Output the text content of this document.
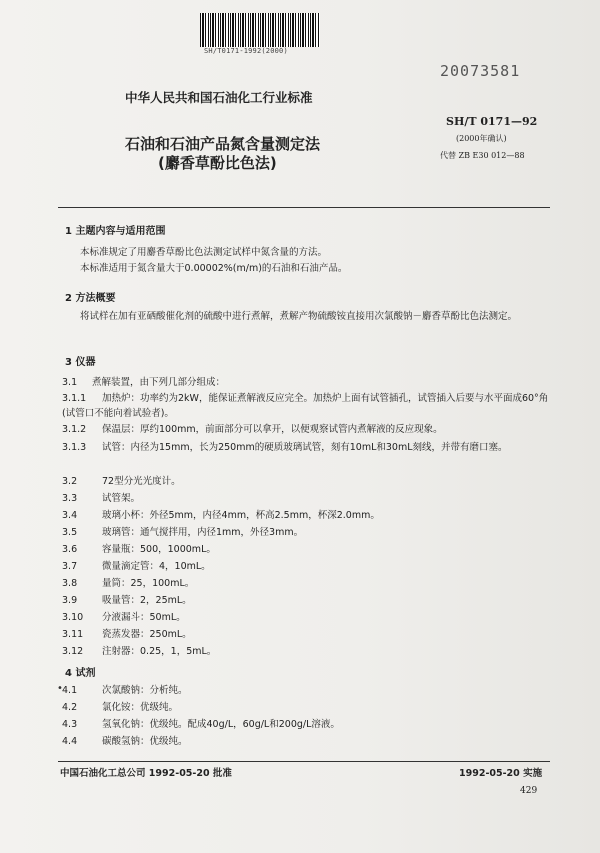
SH/T0171-1992(2000)
20073581
中华人民共和国石油化工行业标准
SH/T 0171—92
(2000年确认)
代替 ZB E30 012—88
石油和石油产品氮含量测定法
(麝香草酚比色法)
1 主题内容与适用范围
本标准规定了用麝香草酚比色法测定试样中氮含量的方法。
本标准适用于氮含量大于0.00002%(m/m)的石油和石油产品。
2 方法概要
将试样在加有亚硒酸催化剂的硫酸中进行煮解，煮解产物硫酸铵直接用次氯酸钠－麝香草酚比色法测定。
3 仪器
3.1 煮解装置，由下列几部分组成：
3.1.1 加热炉：功率约为2kW，能保证煮解液反应完全。加热炉上面有试管插孔，试管插入后要与水平面成60°角(试管口不能向着试验者)。
3.1.2 保温层：厚约100mm，前面部分可以拿开，以便观察试管内煮解液的反应现象。
3.1.3 试管：内径为15mm，长为250mm的硬质玻璃试管，刻有10mL和30mL刻线，并带有磨口塞。
3.2	72型分光光度计。
3.3	试管架。
3.4	玻璃小杯：外径5mm，内径4mm，杯高2.5mm，杯深2.0mm。
3.5	玻璃管：通气搅拌用，内径1mm，外径3mm。
3.6	容量瓶：500，1000mL。
3.7	微量滴定管：4，10mL。
3.8	量筒：25，100mL。
3.9	吸量管：2，25mL。
3.10 分液漏斗：50mL。
3.11 瓷蒸发器：250mL。
3.12 注射器：0.25，1，5mL。
4 试剂
• 4.1	次氯酸钠：分析纯。
4.2	氯化铵：优级纯。
4.3	氢氧化钠：优级纯。配成40g/L，60g/L和200g/L溶液。
4.4	碳酸氢钠：优级纯。
中国石油化工总公司 1992-05-20 批准	1992-05-20 实施
429
